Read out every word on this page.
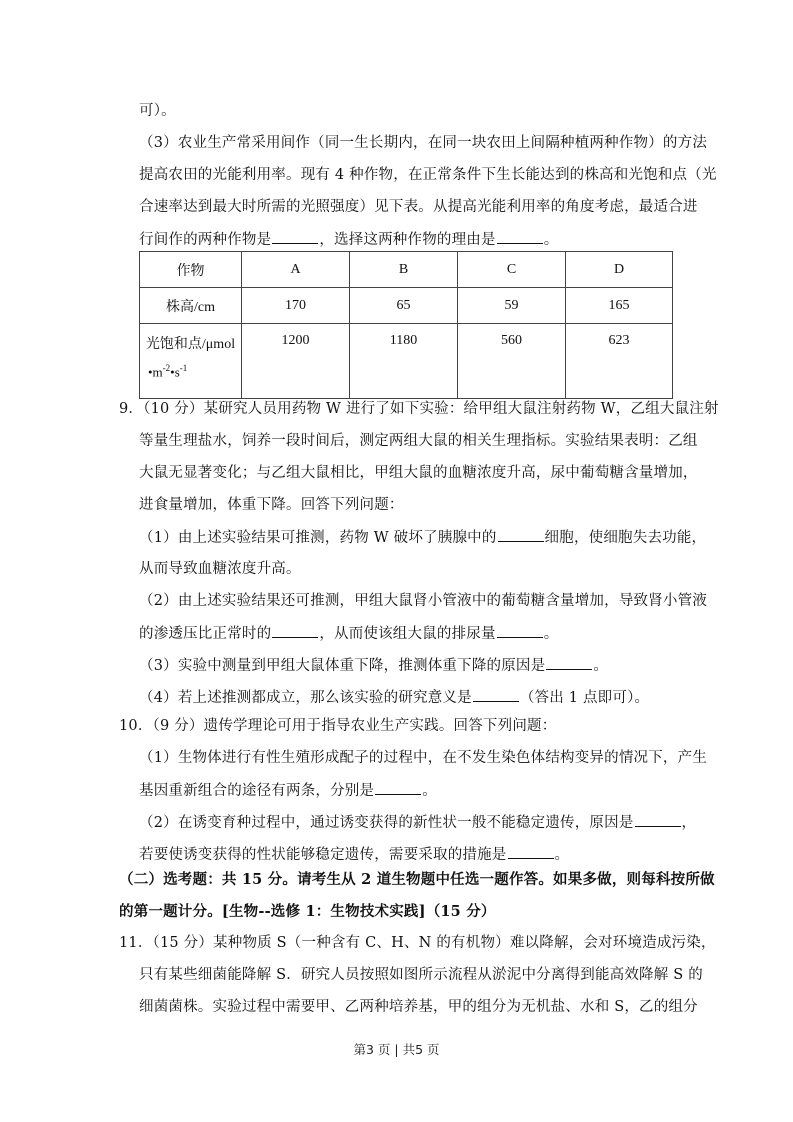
可）。
（3）农业生产常采用间作（同一生长期内，在同一块农田上间隔种植两种作物）的方法
提高农田的光能利用率。现有 4 种作物，在正常条件下生长能达到的株高和光饱和点（光
合速率达到最大时所需的光照强度）见下表。从提高光能利用率的角度考虑，最适合进
行间作的两种作物是	，选择这两种作物的理由是	。
作物	A	B	C	D
株高/cm	170	65	59	165
光饱和点/μmol
$•m^{-2}•s^{-1}$	1200	1180	560	623
9．（10 分）某研究人员用药物 W 进行了如下实验：给甲组大鼠注射药物 W，乙组大鼠注射
等量生理盐水，饲养一段时间后，测定两组大鼠的相关生理指标。实验结果表明：乙组
大鼠无显著变化；与乙组大鼠相比，甲组大鼠的血糖浓度升高，尿中葡萄糖含量增加，
进食量增加，体重下降。回答下列问题：
（1）由上述实验结果可推测，药物 W 破坏了胰腺中的	细胞，使细胞失去功能，
从而导致血糖浓度升高。
（2）由上述实验结果还可推测，甲组大鼠肾小管液中的葡萄糖含量增加，导致肾小管液
的渗透压比正常时的	，从而使该组大鼠的排尿量	。
（3）实验中测量到甲组大鼠体重下降，推测体重下降的原因是	。
（4）若上述推测都成立，那么该实验的研究意义是	（答出 1 点即可）。
10．（9 分）遗传学理论可用于指导农业生产实践。回答下列问题：
（1）生物体进行有性生殖形成配子的过程中，在不发生染色体结构变异的情况下，产生
基因重新组合的途径有两条，分别是	。
（2）在诱变育种过程中，通过诱变获得的新性状一般不能稳定遗传，原因是	，
若要使诱变获得的性状能够稳定遗传，需要采取的措施是	。
（二）选考题：共 15 分。请考生从 2 道生物题中任选一题作答。如果多做，则每科按所做
的第一题计分。[生物--选修 1：生物技术实践]（15 分）
11．（15 分）某种物质 S（一种含有 C、H、N 的有机物）难以降解，会对环境造成污染，
只有某些细菌能降解 S．研究人员按照如图所示流程从淤泥中分离得到能高效降解 S 的
细菌菌株。实验过程中需要甲、乙两种培养基，甲的组分为无机盐、水和 S，乙的组分
第3 页 | 共5 页
